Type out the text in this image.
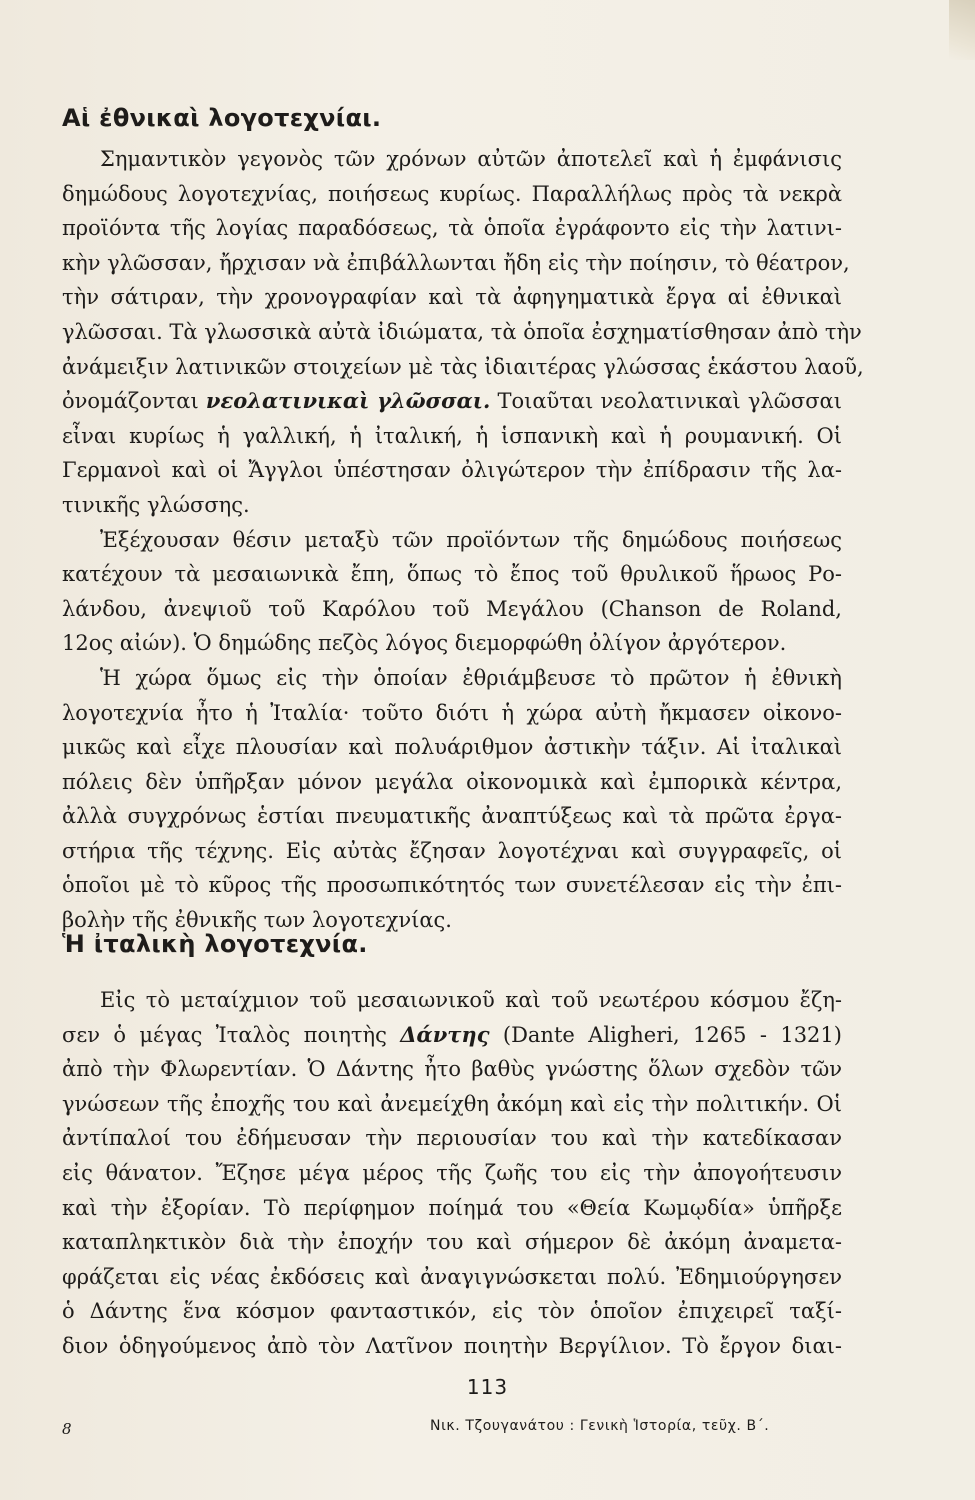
Αἱ ἐθνικαὶ λογοτεχνίαι.
Σημαντικὸν γεγονὸς τῶν χρόνων αὐτῶν ἀποτελεῖ καὶ ἡ ἐμφάνισις
δημώδους λογοτεχνίας, ποιήσεως κυρίως. Παραλλήλως πρὸς τὰ νεκρὰ
προϊόντα τῆς λογίας παραδόσεως, τὰ ὁποῖα ἐγράφοντο εἰς τὴν λατινι-
κὴν γλῶσσαν, ἤρχισαν νὰ ἐπιβάλλωνται ἤδη εἰς τὴν ποίησιν, τὸ θέατρον,
τὴν σάτιραν, τὴν χρονογραφίαν καὶ τὰ ἀφηγηματικὰ ἔργα αἱ ἐθνικαὶ
γλῶσσαι. Τὰ γλωσσικὰ αὐτὰ ἰδιώματα, τὰ ὁποῖα ἐσχηματίσθησαν ἀπὸ τὴν
ἀνάμειξιν λατινικῶν στοιχείων μὲ τὰς ἰδιαιτέρας γλώσσας ἑκάστου λαοῦ,
ὀνομάζονται νεολατινικαὶ γλῶσσαι. Τοιαῦται νεολατινικαὶ γλῶσσαι
εἶναι κυρίως ἡ γαλλική, ἡ ἰταλική, ἡ ἱσπανικὴ καὶ ἡ ρουμανική. Οἱ
Γερμανοὶ καὶ οἱ Ἄγγλοι ὑπέστησαν ὀλιγώτερον τὴν ἐπίδρασιν τῆς λα-
τινικῆς γλώσσης.
Ἐξέχουσαν θέσιν μεταξὺ τῶν προϊόντων τῆς δημώδους ποιήσεως
κατέχουν τὰ μεσαιωνικὰ ἔπη, ὅπως τὸ ἔπος τοῦ θρυλικοῦ ἥρωος Ρο-
λάνδου, ἀνεψιοῦ τοῦ Καρόλου τοῦ Μεγάλου (Chanson de Roland,
12ος αἰών). Ὁ δημώδης πεζὸς λόγος διεμορφώθη ὀλίγον ἀργότερον.
Ἡ χώρα ὅμως εἰς τὴν ὁποίαν ἐθριάμβευσε τὸ πρῶτον ἡ ἐθνικὴ
λογοτεχνία ἦτο ἡ Ἰταλία· τοῦτο διότι ἡ χώρα αὐτὴ ἤκμασεν οἰκονο-
μικῶς καὶ εἶχε πλουσίαν καὶ πολυάριθμον ἀστικὴν τάξιν. Αἱ ἰταλικαὶ
πόλεις δὲν ὑπῆρξαν μόνον μεγάλα οἰκονομικὰ καὶ ἐμπορικὰ κέντρα,
ἀλλὰ συγχρόνως ἑστίαι πνευματικῆς ἀναπτύξεως καὶ τὰ πρῶτα ἐργα-
στήρια τῆς τέχνης. Εἰς αὐτὰς ἔζησαν λογοτέχναι καὶ συγγραφεῖς, οἱ
ὁποῖοι μὲ τὸ κῦρος τῆς προσωπικότητός των συνετέλεσαν εἰς τὴν ἐπι-
βολὴν τῆς ἐθνικῆς των λογοτεχνίας.
Ἡ ἰταλικὴ λογοτεχνία.
Εἰς τὸ μεταίχμιον τοῦ μεσαιωνικοῦ καὶ τοῦ νεωτέρου κόσμου ἔζη-
σεν ὁ μέγας Ἰταλὸς ποιητὴς Δάντης (Dante Aligheri, 1265 - 1321)
ἀπὸ τὴν Φλωρεντίαν. Ὁ Δάντης ἦτο βαθὺς γνώστης ὅλων σχεδὸν τῶν
γνώσεων τῆς ἐποχῆς του καὶ ἀνεμείχθη ἀκόμη καὶ εἰς τὴν πολιτικήν. Οἱ
ἀντίπαλοί του ἐδήμευσαν τὴν περιουσίαν του καὶ τὴν κατεδίκασαν
εἰς θάνατον. Ἔζησε μέγα μέρος τῆς ζωῆς του εἰς τὴν ἀπογοήτευσιν
καὶ τὴν ἐξορίαν. Τὸ περίφημον ποίημά του «Θεία Κωμῳδία» ὑπῆρξε
καταπληκτικὸν διὰ τὴν ἐποχήν του καὶ σήμερον δὲ ἀκόμη ἀναμετα-
φράζεται εἰς νέας ἐκδόσεις καὶ ἀναγιγνώσκεται πολύ. Ἐδημιούργησεν
ὁ Δάντης ἕνα κόσμον φανταστικόν, εἰς τὸν ὁποῖον ἐπιχειρεῖ ταξί-
διον ὁδηγούμενος ἀπὸ τὸν Λατῖνον ποιητὴν Βεργίλιον. Τὸ ἔργον διαι-
113
8	Νικ. Τζουγανάτου : Γενικὴ Ἱστορία, τεῦχ. Β΄.
